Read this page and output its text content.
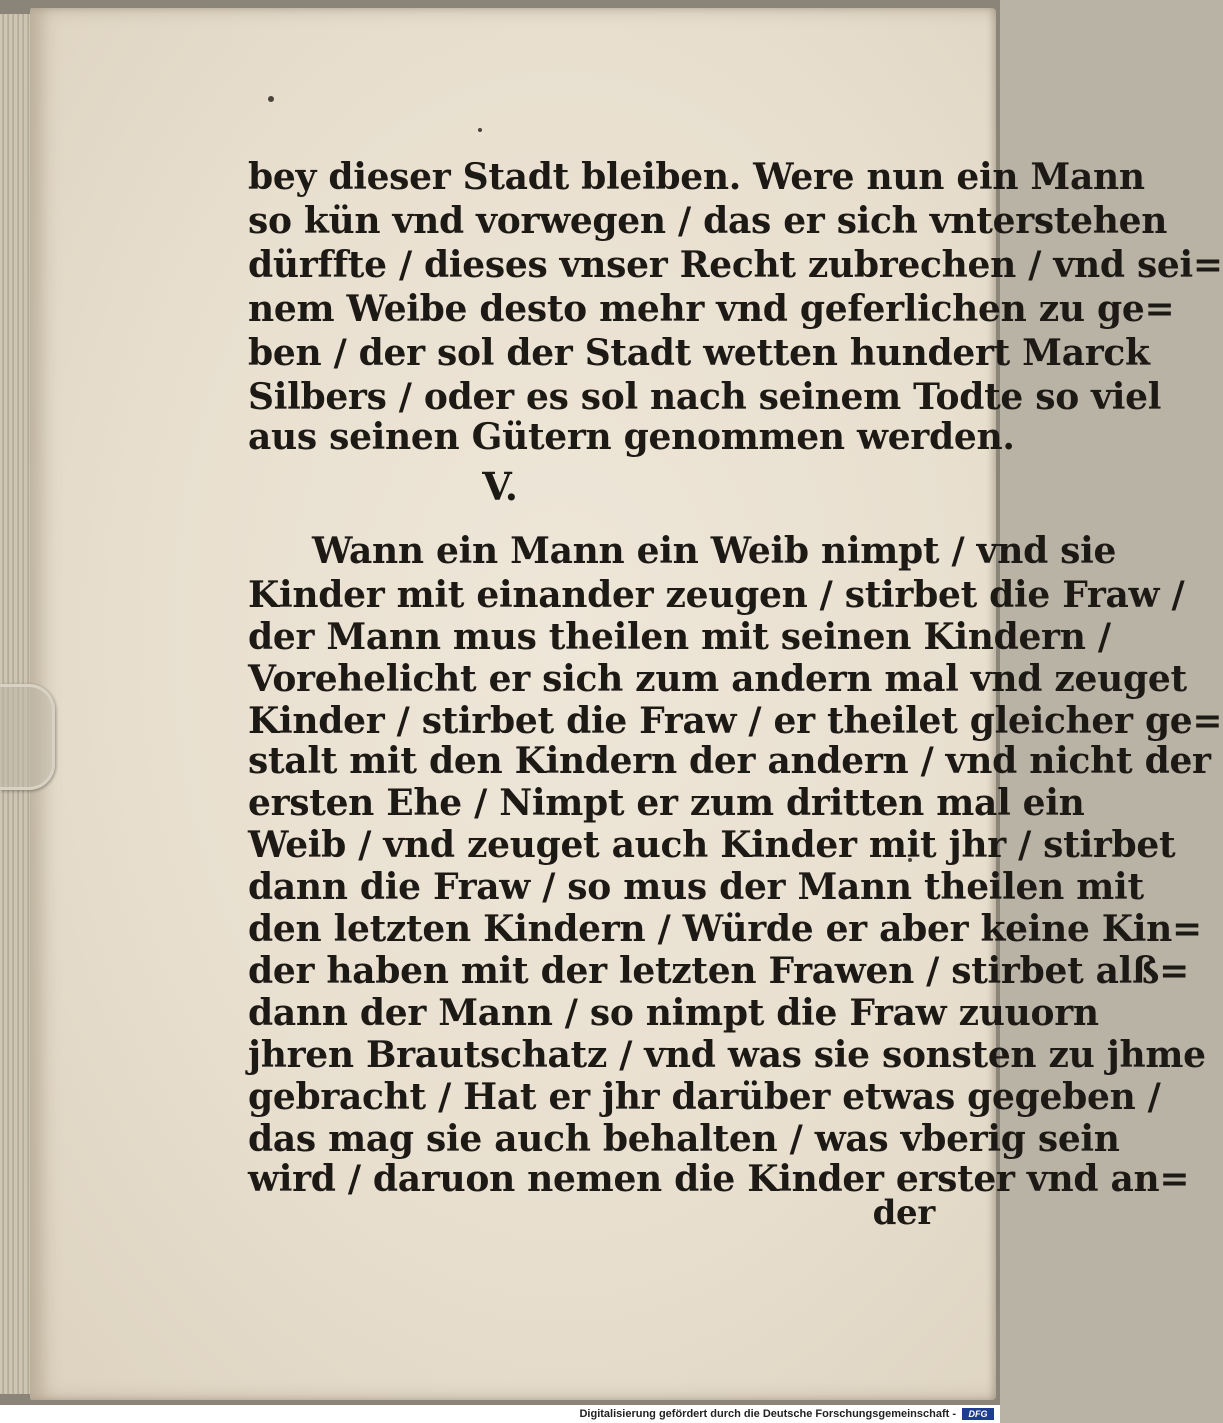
bey dieser Stadt bleiben. Were nun ein Mann
so kün vnd vorwegen / das er sich vnterstehen
dürffte / dieses vnser Recht zubrechen / vnd sei=
nem Weibe desto mehr vnd geferlichen zu ge=
ben / der sol der Stadt wetten hundert Marck
Silbers / oder es sol nach seinem Todte so viel
aus seinen Gütern genommen werden.
V.
Wann ein Mann ein Weib nimpt / vnd sie
Kinder mit einander zeugen / stirbet die Fraw /
der Mann mus theilen mit seinen Kindern /
Vorehelicht er sich zum andern mal vnd zeuget
Kinder / stirbet die Fraw / er theilet gleicher ge=
stalt mit den Kindern der andern / vnd nicht der
ersten Ehe / Nimpt er zum dritten mal ein
Weib / vnd zeuget auch Kinder mit jhr / stirbet
dann die Fraw / so mus der Mann theilen mit
den letzten Kindern / Würde er aber keine Kin=
der haben mit der letzten Frawen / stirbet alß=
dann der Mann / so nimpt die Fraw zuuorn
jhren Brautschatz / vnd was sie sonsten zu jhme
gebracht / Hat er jhr darüber etwas gegeben /
das mag sie auch behalten / was vberig sein
wird / daruon nemen die Kinder erster vnd an=
der
Digitalisierung gefördert durch die Deutsche Forschungsgemeinschaft -	DFG
